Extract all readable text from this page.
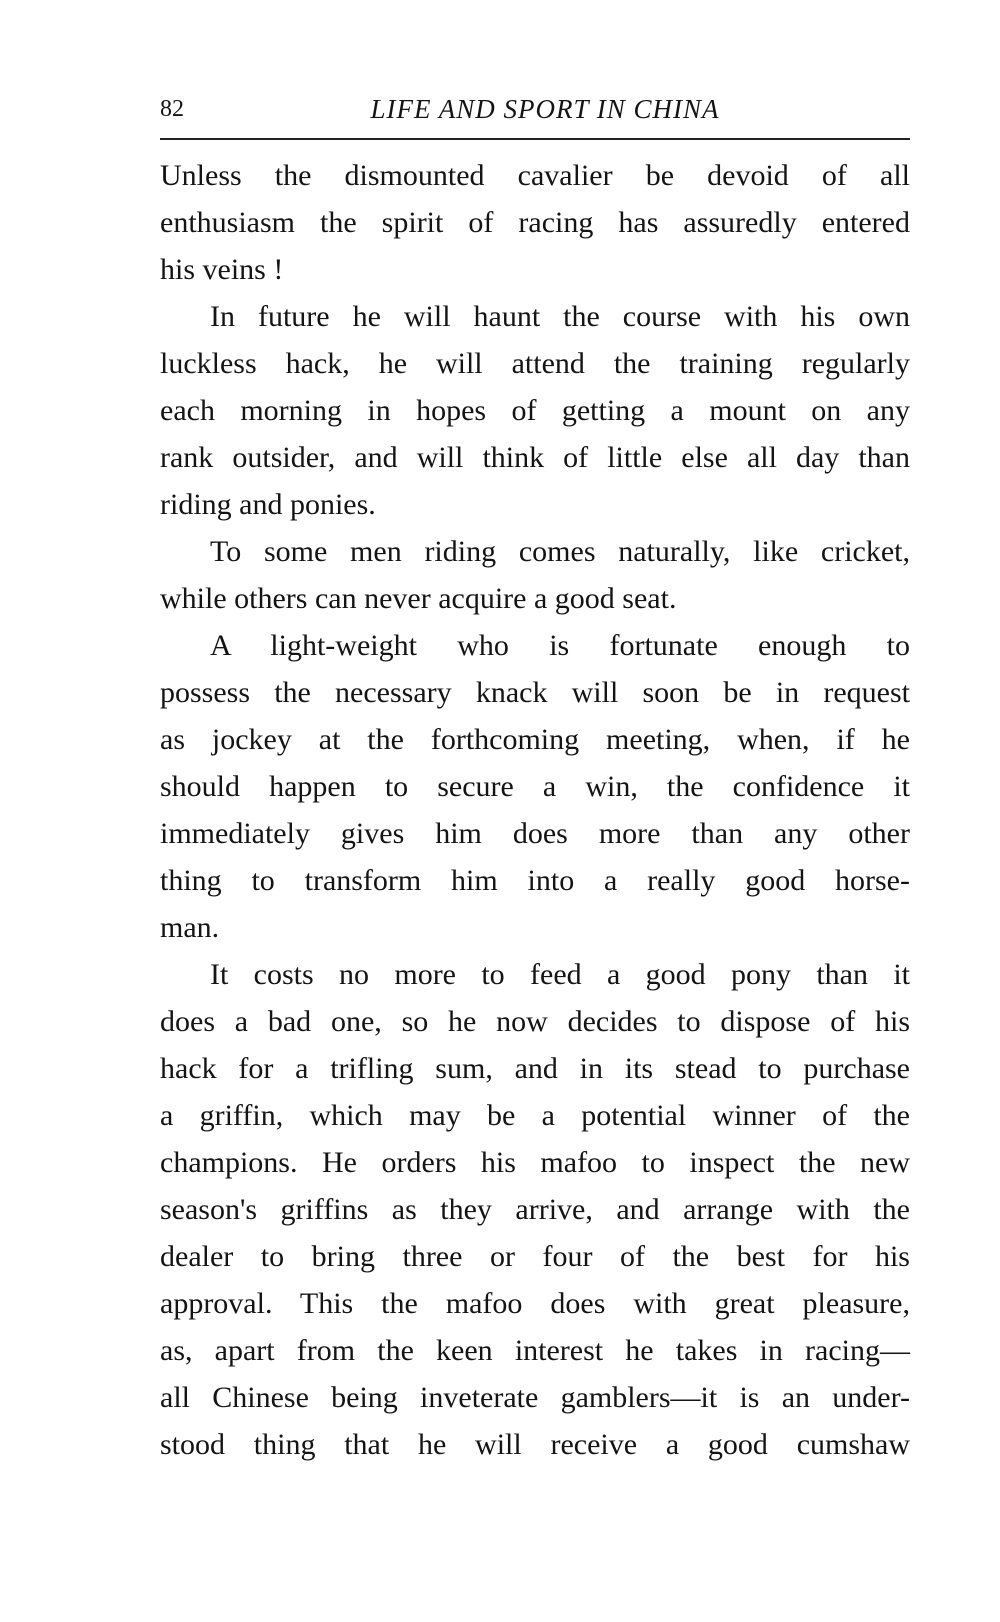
82	LIFE AND SPORT IN CHINA
Unless the dismounted cavalier be devoid of all
enthusiasm the spirit of racing has assuredly entered
his veins !
In future he will haunt the course with his own
luckless hack, he will attend the training regularly
each morning in hopes of getting a mount on any
rank outsider, and will think of little else all day than
riding and ponies.
To some men riding comes naturally, like cricket,
while others can never acquire a good seat.
A light-weight who is fortunate enough to
possess the necessary knack will soon be in request
as jockey at the forthcoming meeting, when, if he
should happen to secure a win, the confidence it
immediately gives him does more than any other
thing to transform him into a really good horse-
man.
It costs no more to feed a good pony than it
does a bad one, so he now decides to dispose of his
hack for a trifling sum, and in its stead to purchase
a griffin, which may be a potential winner of the
champions. He orders his mafoo to inspect the new
season's griffins as they arrive, and arrange with the
dealer to bring three or four of the best for his
approval. This the mafoo does with great pleasure,
as, apart from the keen interest he takes in racing—
all Chinese being inveterate gamblers—it is an under-
stood thing that he will receive a good cumshaw
